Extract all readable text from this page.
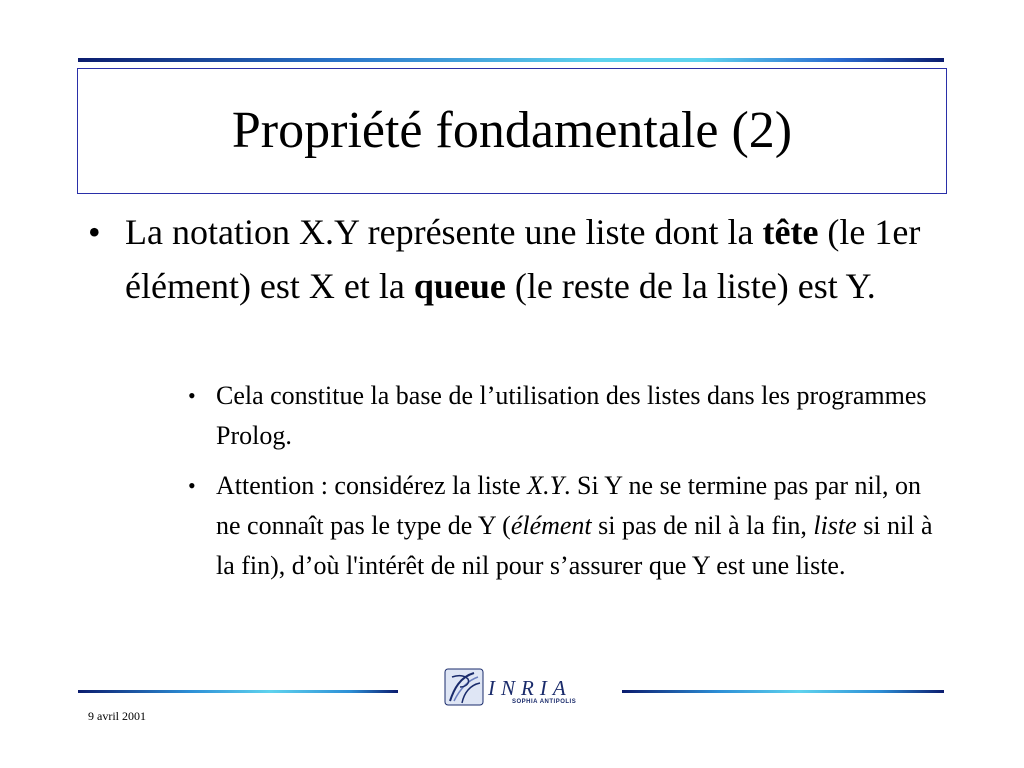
Propriété fondamentale (2)
• La notation X.Y représente une liste dont la tête (le 1er élément) est X et la queue (le reste de la liste) est Y.
• Cela constitue la base de l’utilisation des listes dans les programmes Prolog.
• Attention : considérez la liste X.Y. Si Y ne se termine pas par nil, on ne connaît pas le type de Y (élément si pas de nil à la fin, liste si nil à la fin), d’où l'intérêt de nil pour s’assurer que Y est une liste.
INRIA
SOPHIA ANTIPOLIS
9 avril 2001
